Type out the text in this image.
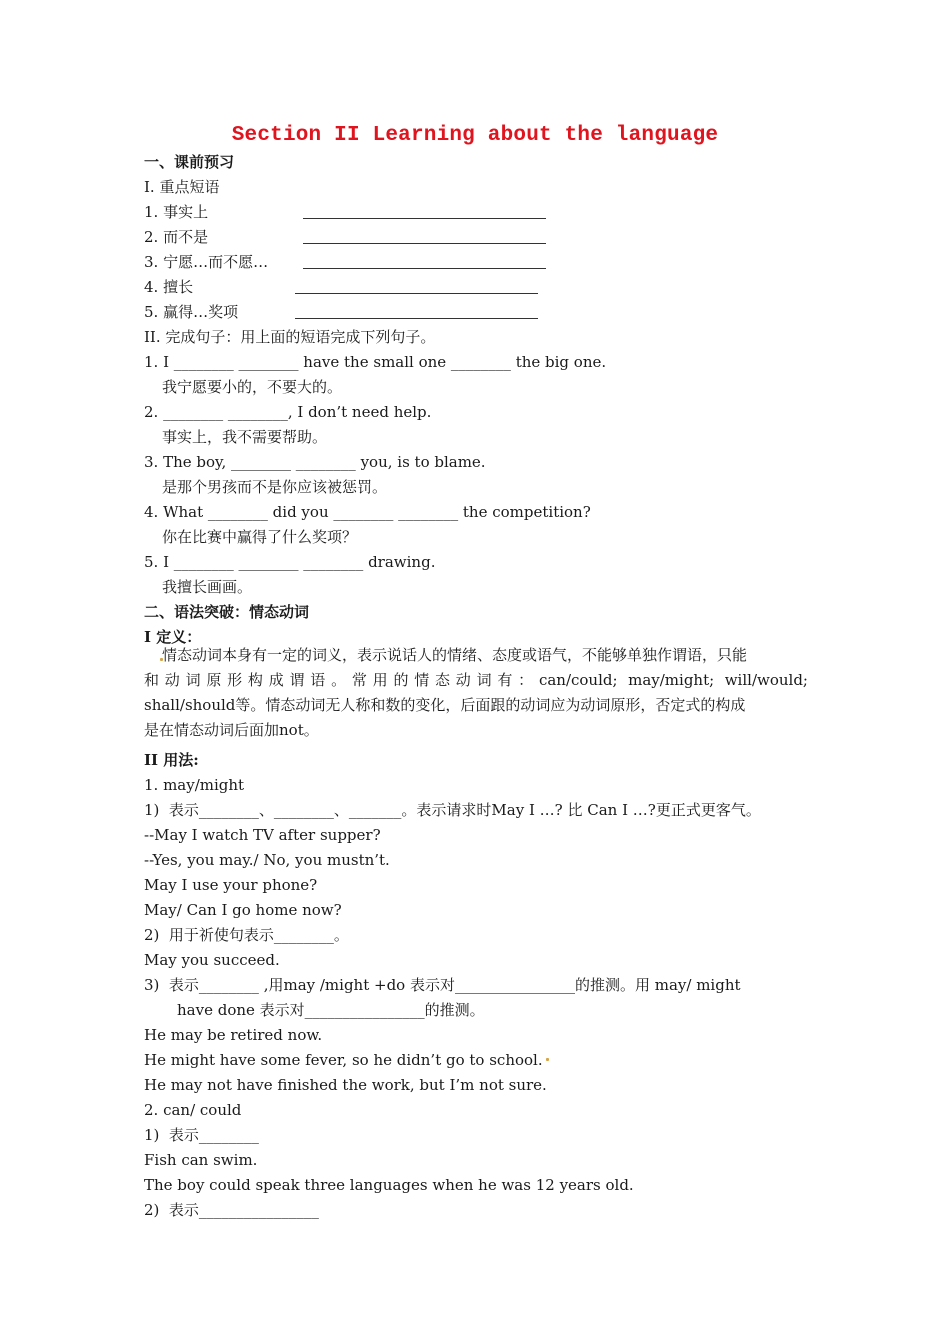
Section II Learning about the language
一、课前预习
I. 重点短语
1. 事实上
2. 而不是
3. 宁愿…而不愿…
4. 擅长
5. 赢得…奖项
II. 完成句子：用上面的短语完成下列句子。
1. I ________ ________ have the small one ________ the big one.
我宁愿要小的，不要大的。
2. ________ ________, I don’t need help.
事实上，我不需要帮助。
3. The boy, ________ ________ you, is to blame.
是那个男孩而不是你应该被惩罚。
4. What ________ did you ________ ________ the competition?
你在比赛中赢得了什么奖项？
5. I ________ ________ ________ drawing.
我擅长画画。
二、语法突破：情态动词
I 定义：
情态动词本身有一定的词义，表示说话人的情绪、态度或语气，不能够单独作谓语，只能
和动词原形构成谓语。常用的情态动词有：can/could; may/might; will/would;
shall/should等。情态动词无人称和数的变化，后面跟的动词应为动词原形，否定式的构成
是在情态动词后面加not。
II 用法:
1. may/might
1)  表示________、________、_______。表示请求时May I …? 比 Can I …?更正式更客气。
--May I watch TV after supper?
--Yes, you may./ No, you mustn’t.
May I use your phone?
May/ Can I go home now?
2)  用于祈使句表示________。
May you succeed.
3)  表示________ ,用may /might +do 表示对________________的推测。用 may/ might
have done 表示对________________的推测。
He may be retired now.
He might have some fever, so he didn’t go to school.
He may not have finished the work, but I’m not sure.
2. can/ could
1)  表示________
Fish can swim.
The boy could speak three languages when he was 12 years old.
2)  表示________________
